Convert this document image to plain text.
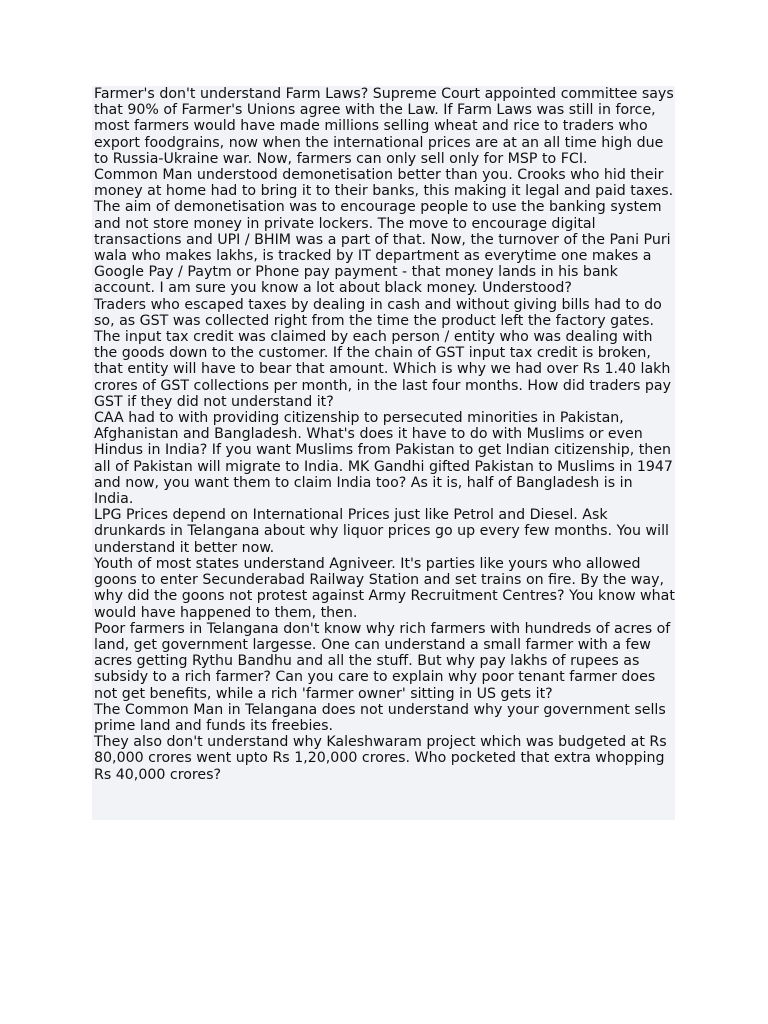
Farmer's don't understand Farm Laws? Supreme Court appointed committee says that 90% of Farmer's Unions agree with the Law. If Farm Laws was still in force, most farmers would have made millions selling wheat and rice to traders who export foodgrains, now when the international prices are at an all time high due to Russia-Ukraine war. Now, farmers can only sell only for MSP to FCI.

Common Man understood demonetisation better than you. Crooks who hid their money at home had to bring it to their banks, this making it legal and paid taxes. The aim of demonetisation was to encourage people to use the banking system and not store money in private lockers. The move to encourage digital transactions and UPI / BHIM was a part of that. Now, the turnover of the Pani Puri wala who makes lakhs, is tracked by IT department as everytime one makes a Google Pay / Paytm or Phone pay payment - that money lands in his bank account. I am sure you know a lot about black money. Understood?

Traders who escaped taxes by dealing in cash and without giving bills had to do so, as GST was collected right from the time the product left the factory gates. The input tax credit was claimed by each person / entity who was dealing with the goods down to the customer. If the chain of GST input tax credit is broken, that entity will have to bear that amount. Which is why we had over Rs 1.40 lakh crores of GST collections per month, in the last four months. How did traders pay GST if they did not understand it?

CAA had to with providing citizenship to persecuted minorities in Pakistan, Afghanistan and Bangladesh. What's does it have to do with Muslims or even Hindus in India? If you want Muslims from Pakistan to get Indian citizenship, then all of Pakistan will migrate to India. MK Gandhi gifted Pakistan to Muslims in 1947 and now, you want them to claim India too? As it is, half of Bangladesh is in India.

LPG Prices depend on International Prices just like Petrol and Diesel. Ask drunkards in Telangana about why liquor prices go up every few months. You will understand it better now.

Youth of most states understand Agniveer. It's parties like yours who allowed goons to enter Secunderabad Railway Station and set trains on fire. By the way, why did the goons not protest against Army Recruitment Centres? You know what would have happened to them, then.

Poor farmers in Telangana don't know why rich farmers with hundreds of acres of land, get government largesse. One can understand a small farmer with a few acres getting Rythu Bandhu and all the stuff. But why pay lakhs of rupees as subsidy to a rich farmer? Can you care to explain why poor tenant farmer does not get benefits, while a rich 'farmer owner' sitting in US gets it?

The Common Man in Telangana does not understand why your government sells prime land and funds its freebies.

They also don't understand why Kaleshwaram project which was budgeted at Rs 80,000 crores went upto Rs 1,20,000 crores. Who pocketed that extra whopping Rs 40,000 crores?
